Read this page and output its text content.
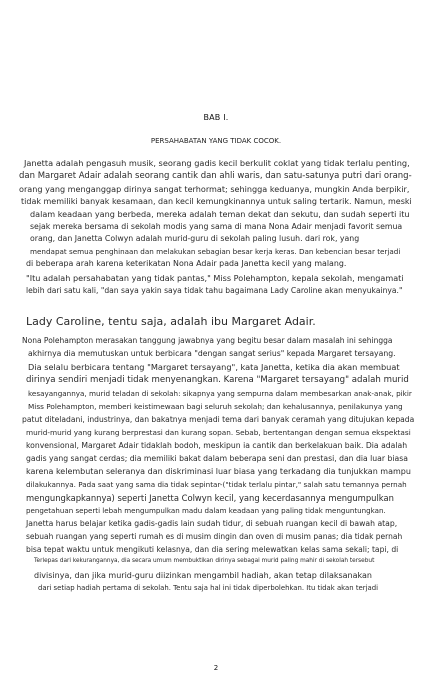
BAB I.
PERSAHABATAN YANG TIDAK COCOK.
Janetta adalah pengasuh musik, seorang gadis kecil berkulit coklat yang tidak terlalu penting,
dan Margaret Adair adalah seorang cantik dan ahli waris, dan satu-satunya putri dari orang-
orang yang menganggap dirinya sangat terhormat; sehingga keduanya, mungkin Anda berpikir,
tidak memiliki banyak kesamaan, dan kecil kemungkinannya untuk saling tertarik. Namun, meski
dalam keadaan yang berbeda, mereka adalah teman dekat dan sekutu, dan sudah seperti itu
sejak mereka bersama di sekolah modis yang sama di mana Nona Adair menjadi favorit semua
orang, dan Janetta Colwyn adalah murid-guru di sekolah paling lusuh. dari rok, yang
mendapat semua penghinaan dan melakukan sebagian besar kerja keras. Dan kebencian besar terjadi
di beberapa arah karena keterikatan Nona Adair pada Janetta kecil yang malang.
"Itu adalah persahabatan yang tidak pantas," Miss Polehampton, kepala sekolah, mengamati
lebih dari satu kali, "dan saya yakin saya tidak tahu bagaimana Lady Caroline akan menyukainya."
Lady Caroline, tentu saja, adalah ibu Margaret Adair.
Nona Polehampton merasakan tanggung jawabnya yang begitu besar dalam masalah ini sehingga
akhirnya dia memutuskan untuk berbicara "dengan sangat serius" kepada Margaret tersayang.
Dia selalu berbicara tentang "Margaret tersayang", kata Janetta, ketika dia akan membuat
dirinya sendiri menjadi tidak menyenangkan. Karena "Margaret tersayang" adalah murid
kesayangannya, murid teladan di sekolah: sikapnya yang sempurna dalam membesarkan anak-anak, pikir
Miss Polehampton, memberi keistimewaan bagi seluruh sekolah; dan kehalusannya, penilakunya yang
patut diteladani, industrinya, dan bakatnya menjadi tema dari banyak ceramah yang ditujukan kepada
murid-murid yang kurang berprestasi dan kurang sopan. Sebab, bertentangan dengan semua ekspektasi
konvensional, Margaret Adair tidaklah bodoh, meskipun ia cantik dan berkelakuan baik. Dia adalah
gadis yang sangat cerdas; dia memiliki bakat dalam beberapa seni dan prestasi, dan dia luar biasa
karena kelembutan seleranya dan diskriminasi luar biasa yang terkadang dia tunjukkan mampu
dilakukannya. Pada saat yang sama dia tidak sepintar-("tidak terlalu pintar," salah satu temannya pernah
mengungkapkannya) seperti Janetta Colwyn kecil, yang kecerdasannya mengumpulkan
pengetahuan seperti lebah mengumpulkan madu dalam keadaan yang paling tidak menguntungkan.
Janetta harus belajar ketika gadis-gadis lain sudah tidur, di sebuah ruangan kecil di bawah atap,
sebuah ruangan yang seperti rumah es di musim dingin dan oven di musim panas; dia tidak pernah
bisa tepat waktu untuk mengikuti kelasnya, dan dia sering melewatkan kelas sama sekali; tapi, di
Terlepas dari kekurangannya, dia secara umum membuktikan dirinya sebagai murid paling mahir di sekolah tersebut
divisinya, dan jika murid-guru diizinkan mengambil hadiah, akan tetap dilaksanakan
dari setiap hadiah pertama di sekolah. Tentu saja hal ini tidak diperbolehkan. Itu tidak akan terjadi
2
